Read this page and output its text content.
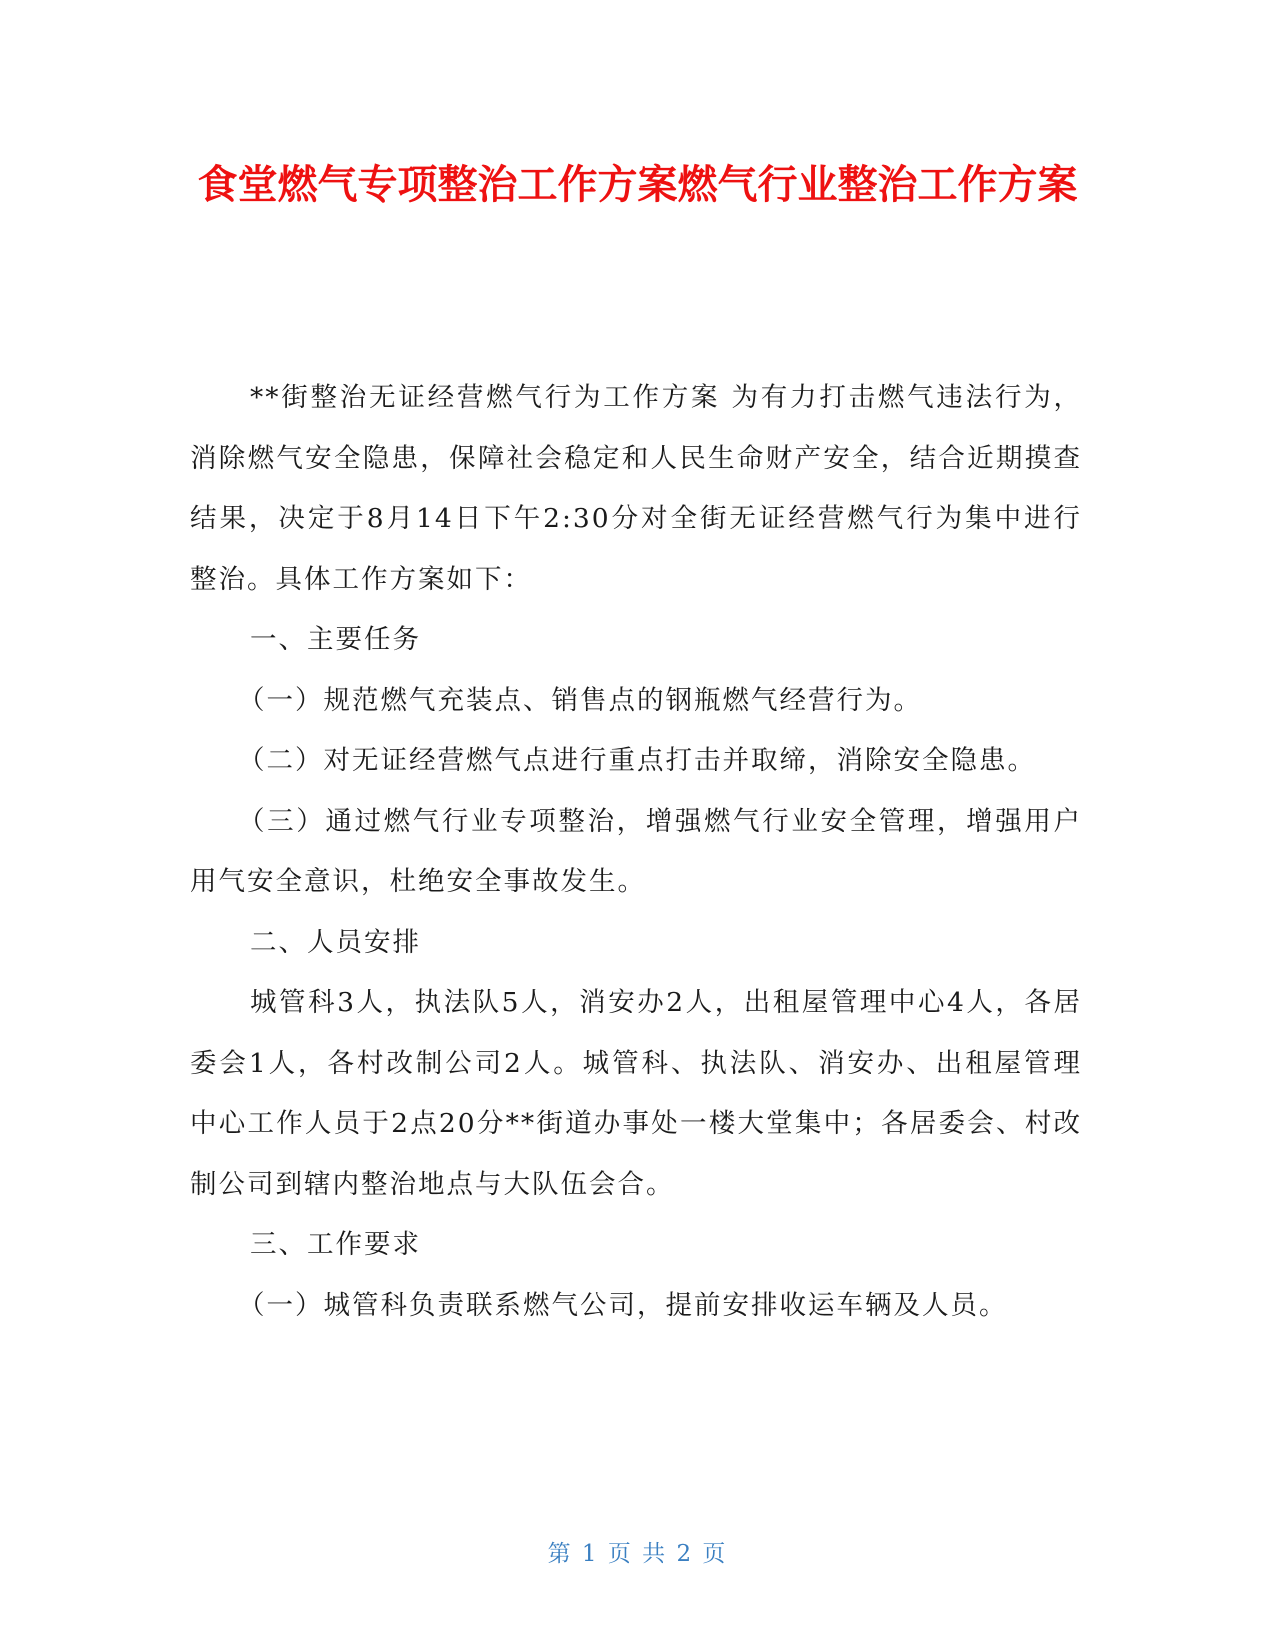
食堂燃气专项整治工作方案燃气行业整治工作方案

**街整治无证经营燃气行为工作方案 为有力打击燃气违法行为，消除燃气安全隐患，保障社会稳定和人民生命财产安全，结合近期摸查结果，决定于8月14日下午2:30分对全街无证经营燃气行为集中进行整治。具体工作方案如下：

一、主要任务

（一）规范燃气充装点、销售点的钢瓶燃气经营行为。

（二）对无证经营燃气点进行重点打击并取缔，消除安全隐患。

（三）通过燃气行业专项整治，增强燃气行业安全管理，增强用户用气安全意识，杜绝安全事故发生。

二、人员安排

城管科3人，执法队5人，消安办2人，出租屋管理中心4人，各居委会1人，各村改制公司2人。城管科、执法队、消安办、出租屋管理中心工作人员于2点20分**街道办事处一楼大堂集中；各居委会、村改制公司到辖内整治地点与大队伍会合。

三、工作要求

（一）城管科负责联系燃气公司，提前安排收运车辆及人员。

第 1 页 共 2 页
